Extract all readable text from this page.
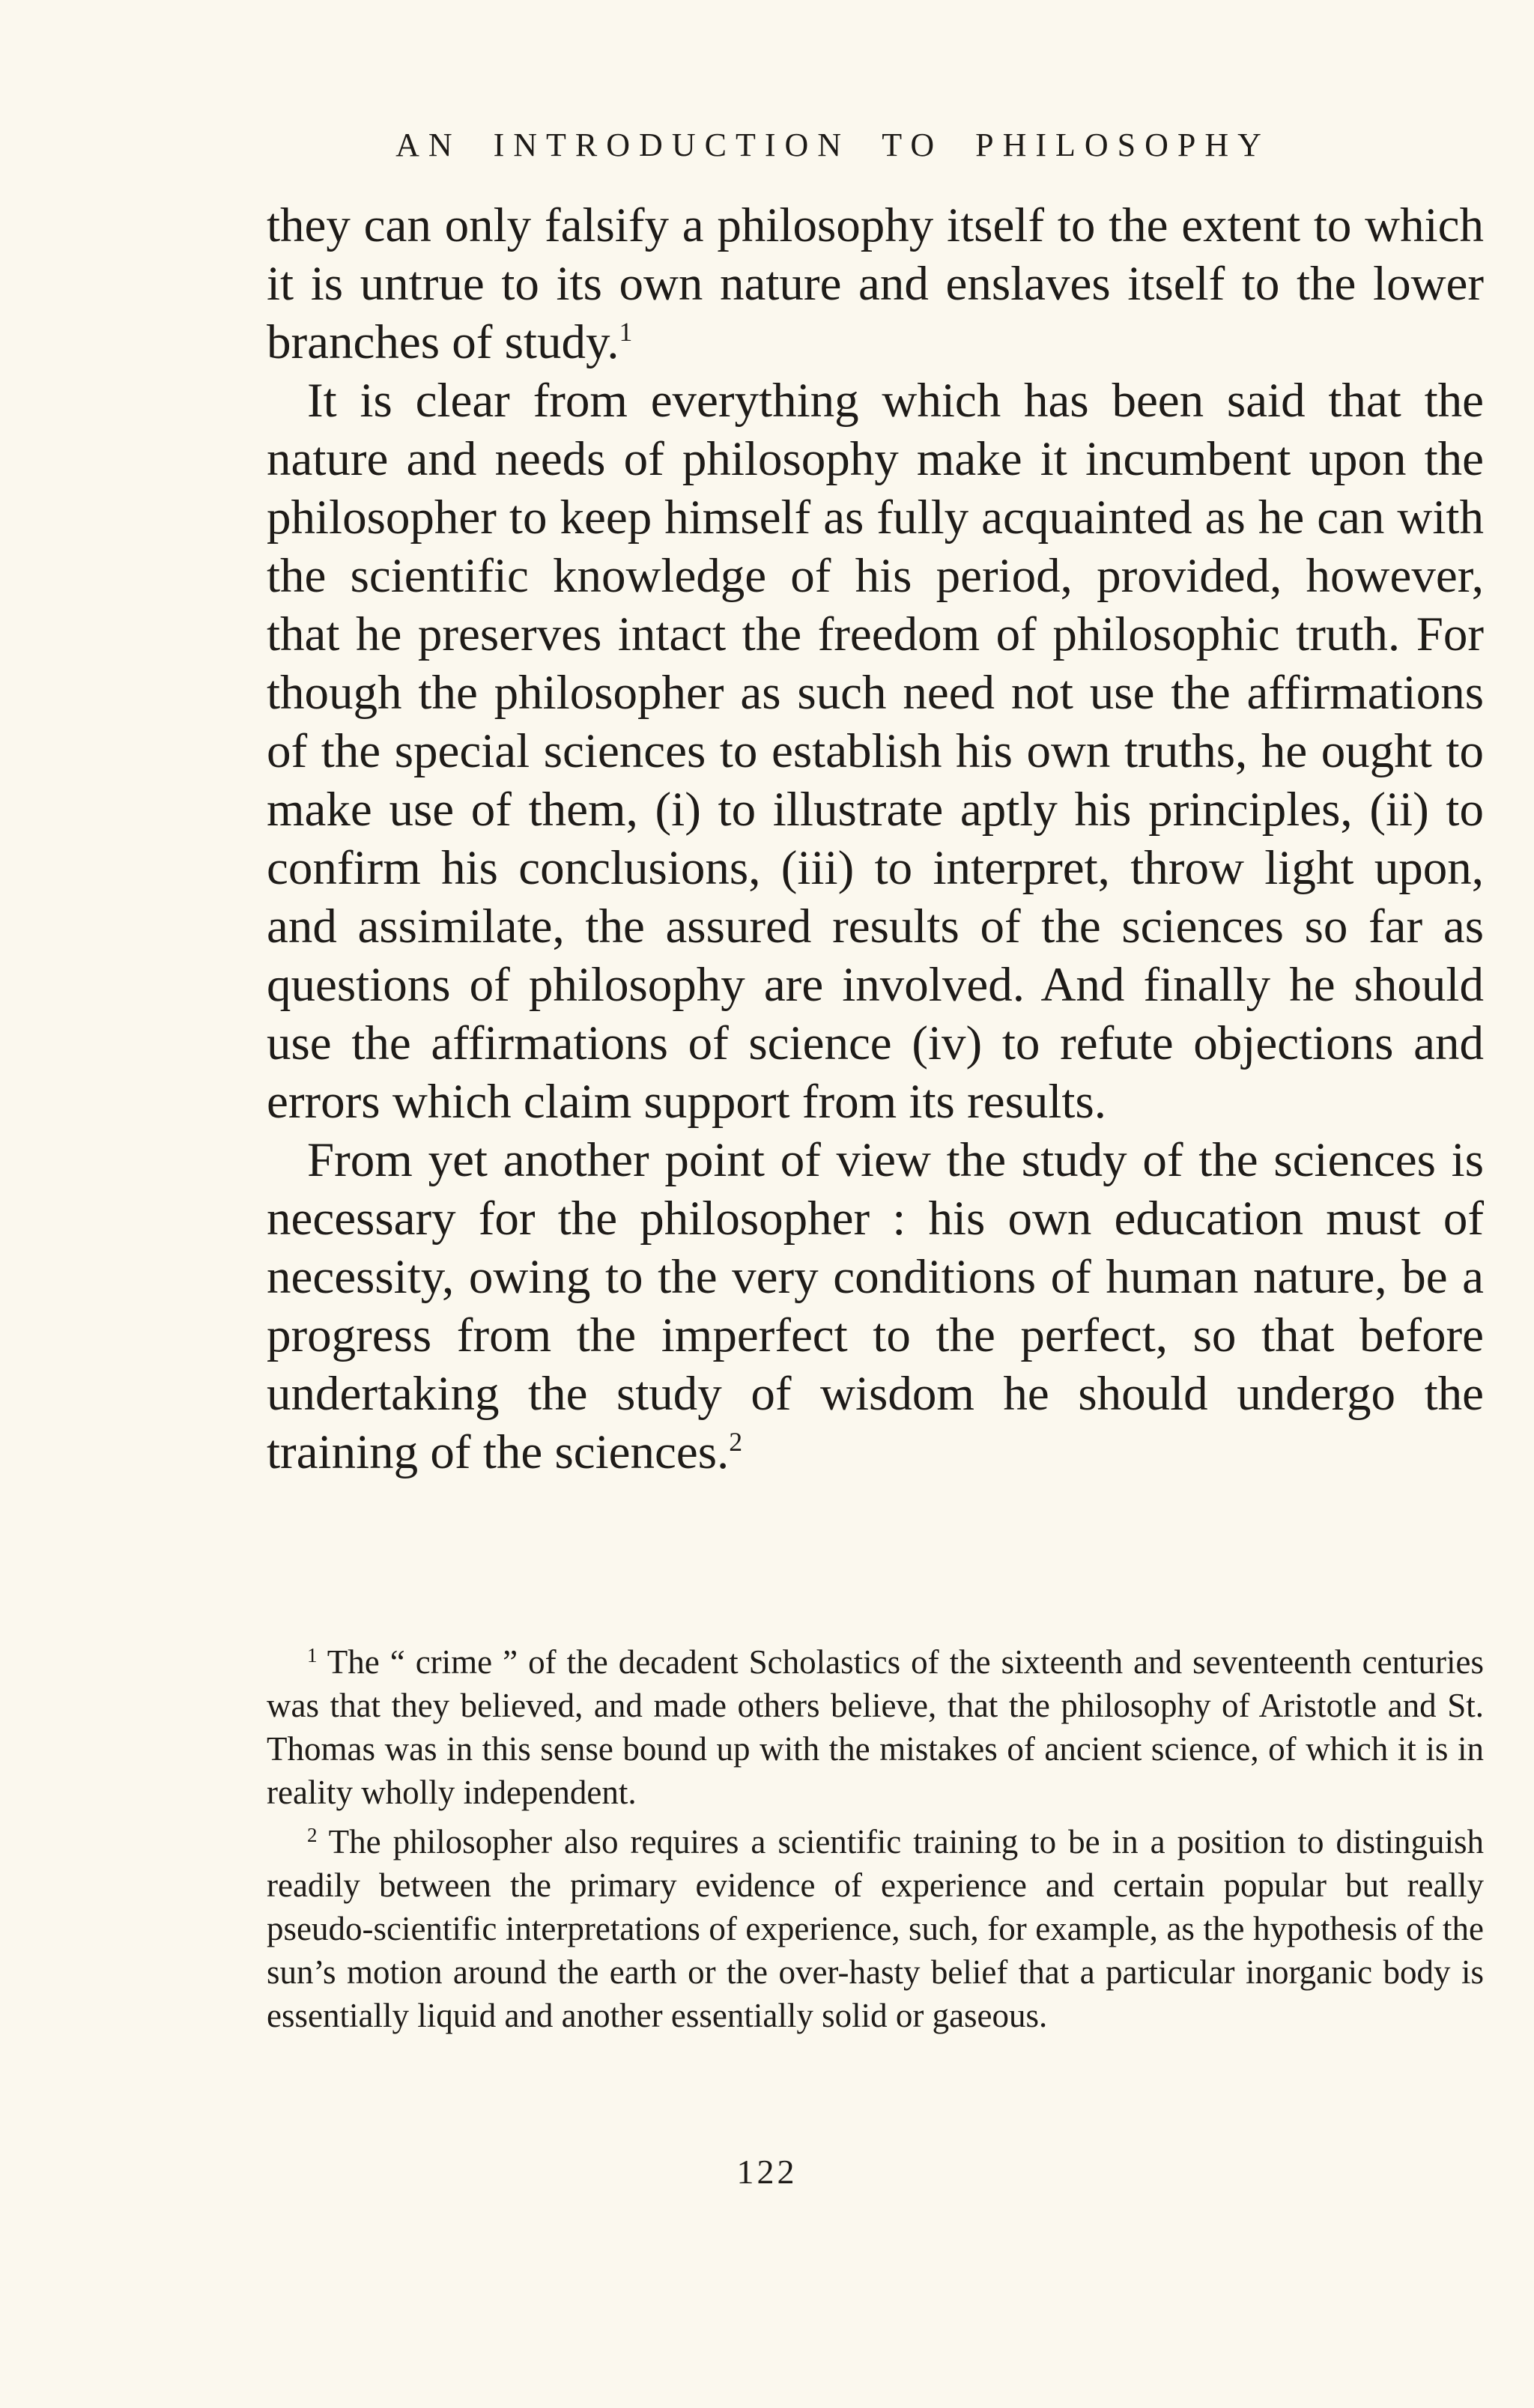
AN INTRODUCTION TO PHILOSOPHY

they can only falsify a philosophy itself to the extent to which it is untrue to its own nature and enslaves itself to the lower branches of study.$^1$

It is clear from everything which has been said that the nature and needs of philosophy make it incumbent upon the philosopher to keep himself as fully acquainted as he can with the scientific knowledge of his period, provided, however, that he preserves intact the freedom of philosophic truth. For though the philosopher as such need not use the affirmations of the special sciences to establish his own truths, he ought to make use of them, (i) to illustrate aptly his principles, (ii) to confirm his conclusions, (iii) to interpret, throw light upon, and assimilate, the assured results of the sciences so far as questions of philosophy are involved. And finally he should use the affirmations of science (iv) to refute objections and errors which claim support from its results.

From yet another point of view the study of the sciences is necessary for the philosopher : his own education must of necessity, owing to the very conditions of human nature, be a progress from the imperfect to the perfect, so that before undertaking the study of wisdom he should undergo the training of the sciences.$^2$

$^1$ The “ crime ” of the decadent Scholastics of the sixteenth and seventeenth centuries was that they believed, and made others believe, that the philosophy of Aristotle and St. Thomas was in this sense bound up with the mistakes of ancient science, of which it is in reality wholly independent.

$^2$ The philosopher also requires a scientific training to be in a position to distinguish readily between the primary evidence of experience and certain popular but really pseudo-scientific interpretations of experience, such, for example, as the hypothesis of the sun’s motion around the earth or the over-hasty belief that a particular inorganic body is essentially liquid and another essentially solid or gaseous.

122
